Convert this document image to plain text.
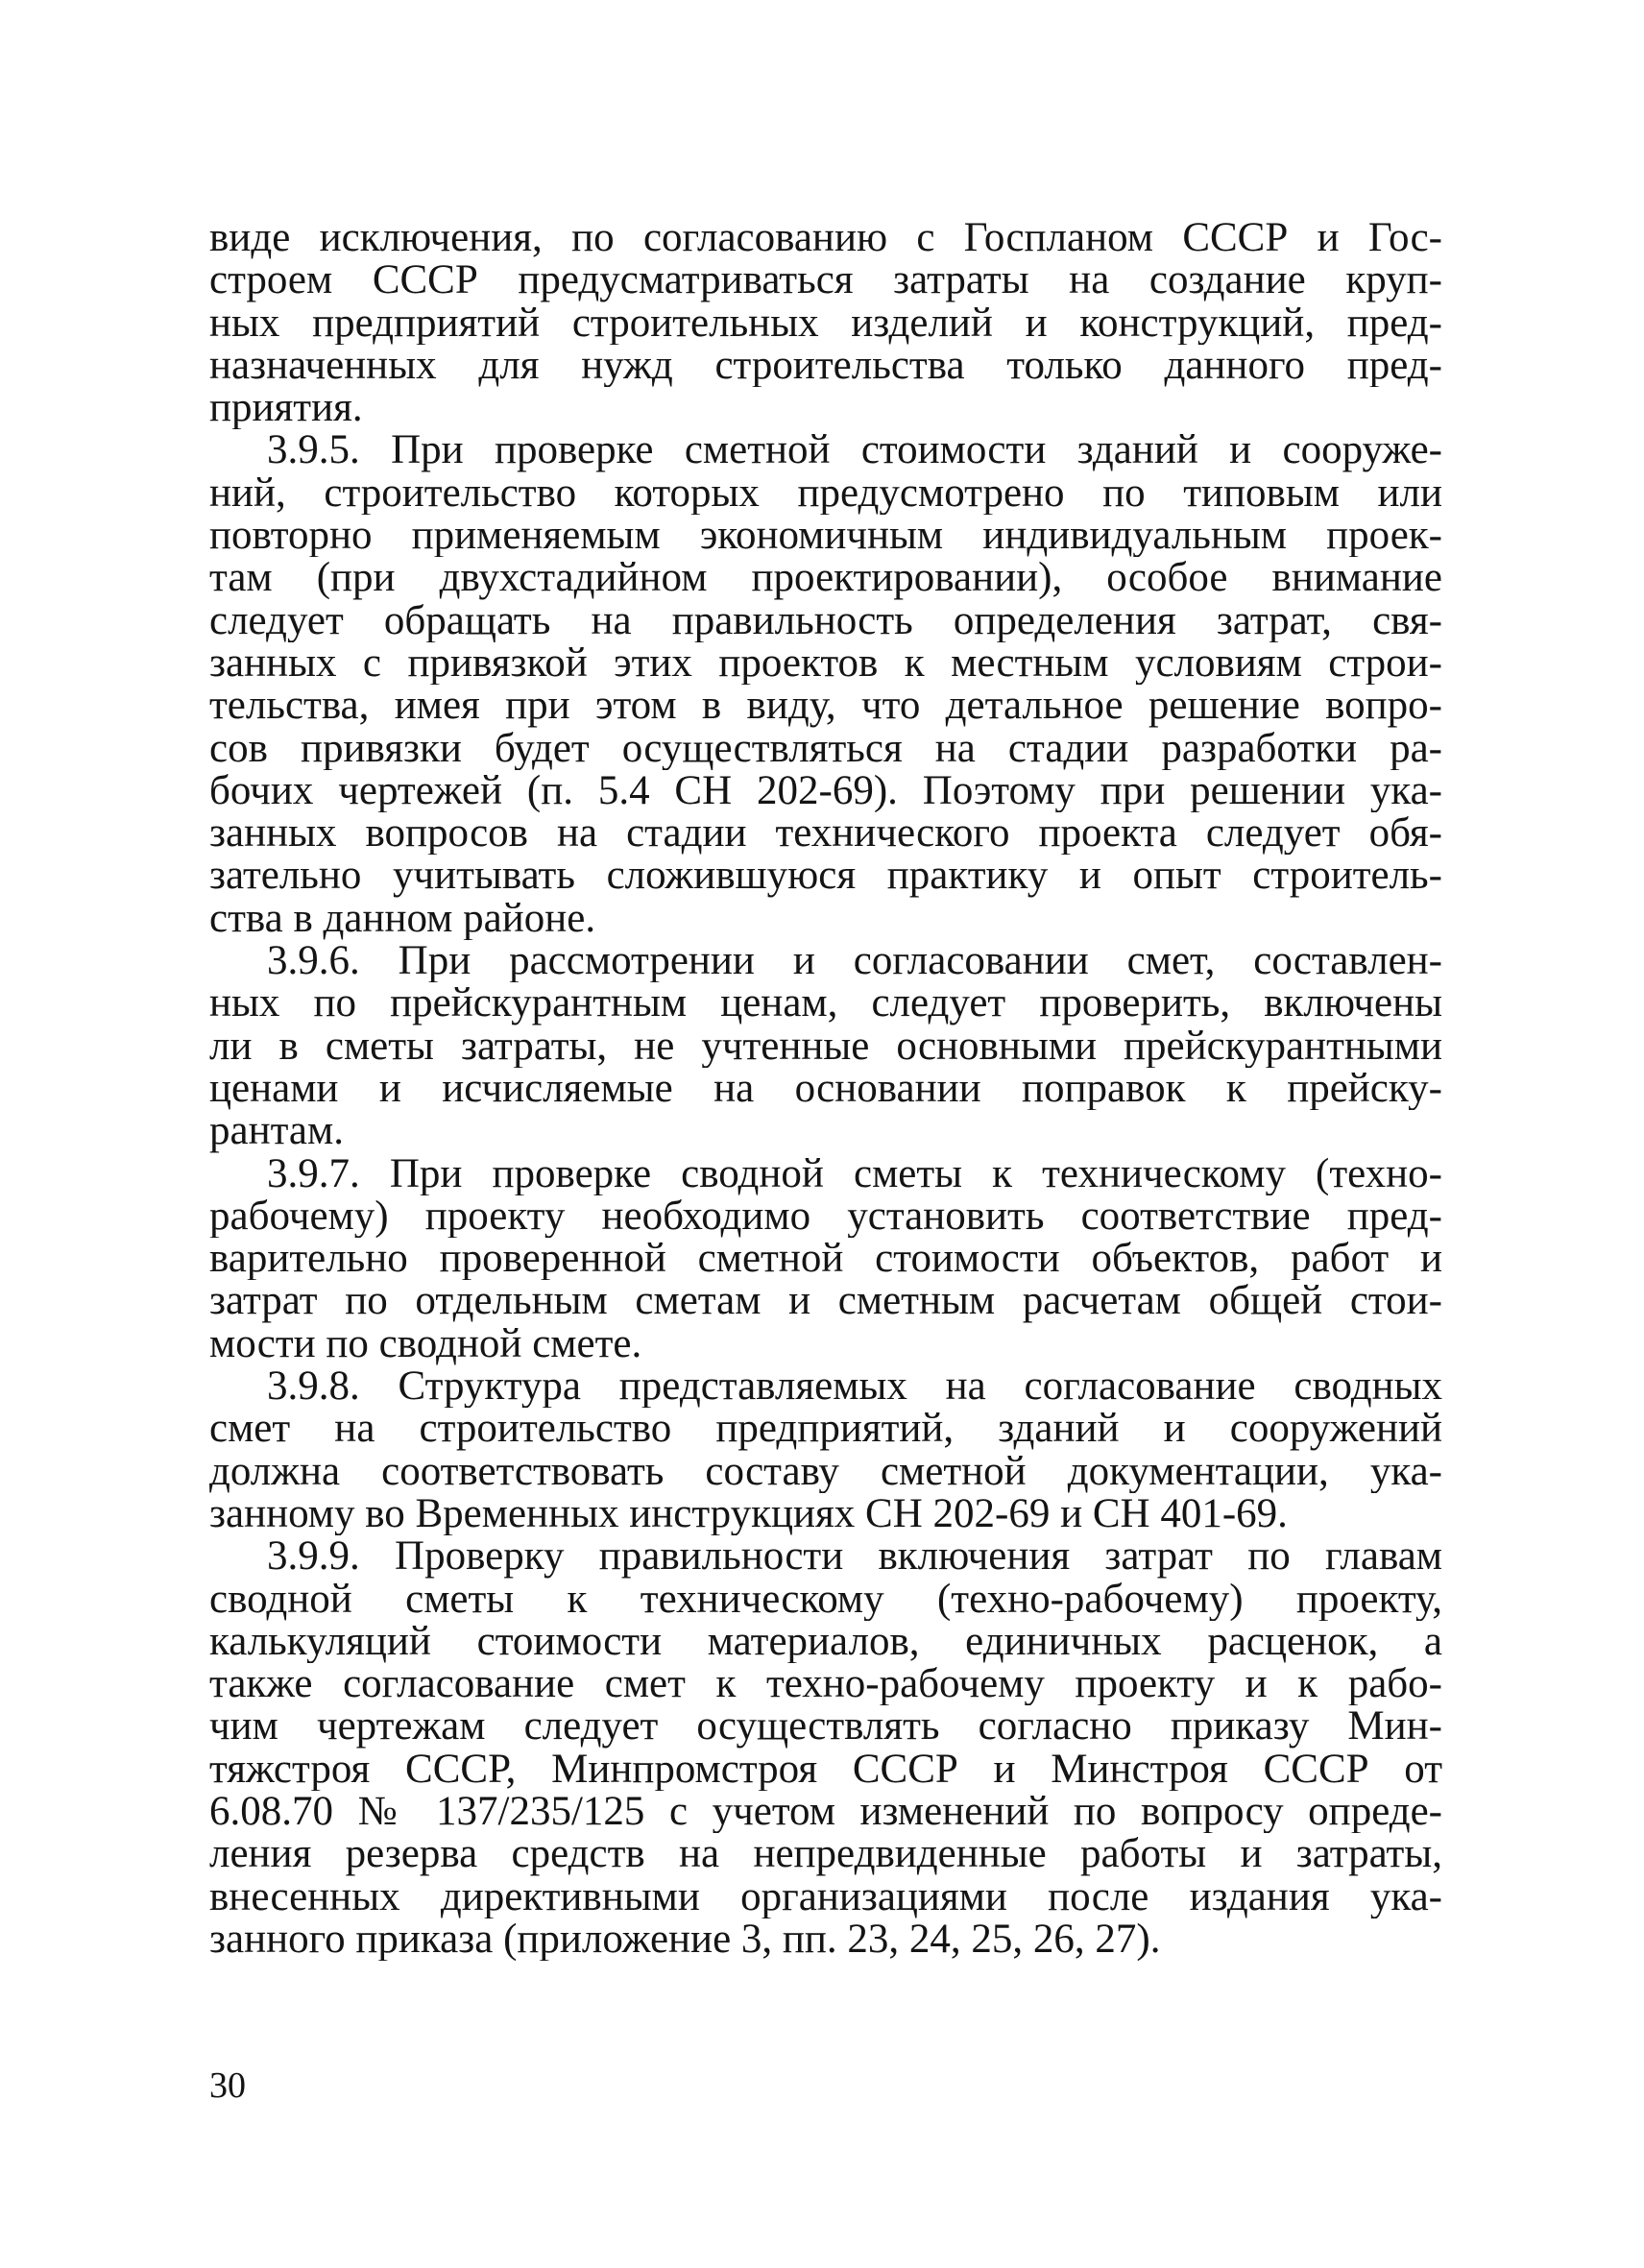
виде исключения, по согласованию с Госпланом СССР и Гос-
строем СССР предусматриваться затраты на создание круп-
ных предприятий строительных изделий и конструкций, пред-
назначенных для нужд строительства только данного пред-
приятия.
3.9.5. При проверке сметной стоимости зданий и сооруже-
ний, строительство которых предусмотрено по типовым или
повторно применяемым экономичным индивидуальным проек-
там (при двухстадийном проектировании), особое внимание
следует обращать на правильность определения затрат, свя-
занных с привязкой этих проектов к местным условиям строи-
тельства, имея при этом в виду, что детальное решение вопро-
сов привязки будет осуществляться на стадии разработки ра-
бочих чертежей (п. 5.4 СН 202-69). Поэтому при решении ука-
занных вопросов на стадии технического проекта следует обя-
зательно учитывать сложившуюся практику и опыт строитель-
ства в данном районе.
3.9.6. При рассмотрении и согласовании смет, составлен-
ных по прейскурантным ценам, следует проверить, включены
ли в сметы затраты, не учтенные основными прейскурантными
ценами и исчисляемые на основании поправок к прейску-
рантам.
3.9.7. При проверке сводной сметы к техническому (техно-
рабочему) проекту необходимо установить соответствие пред-
варительно проверенной сметной стоимости объектов, работ и
затрат по отдельным сметам и сметным расчетам общей стои-
мости по сводной смете.
3.9.8. Структура представляемых на согласование сводных
смет на строительство предприятий, зданий и сооружений
должна соответствовать составу сметной документации, ука-
занному во Временных инструкциях СН 202-69 и СН 401-69.
3.9.9. Проверку правильности включения затрат по главам
сводной сметы к техническому (техно-рабочему) проекту,
калькуляций стоимости материалов, единичных расценок, а
также согласование смет к техно-рабочему проекту и к рабо-
чим чертежам следует осуществлять согласно приказу Мин-
тяжстроя СССР, Минпромстроя СССР и Минстроя СССР от
6.08.70 № 137/235/125 с учетом изменений по вопросу опреде-
ления резерва средств на непредвиденные работы и затраты,
внесенных директивными организациями после издания ука-
занного приказа (приложение 3, пп. 23, 24, 25, 26, 27).
30
